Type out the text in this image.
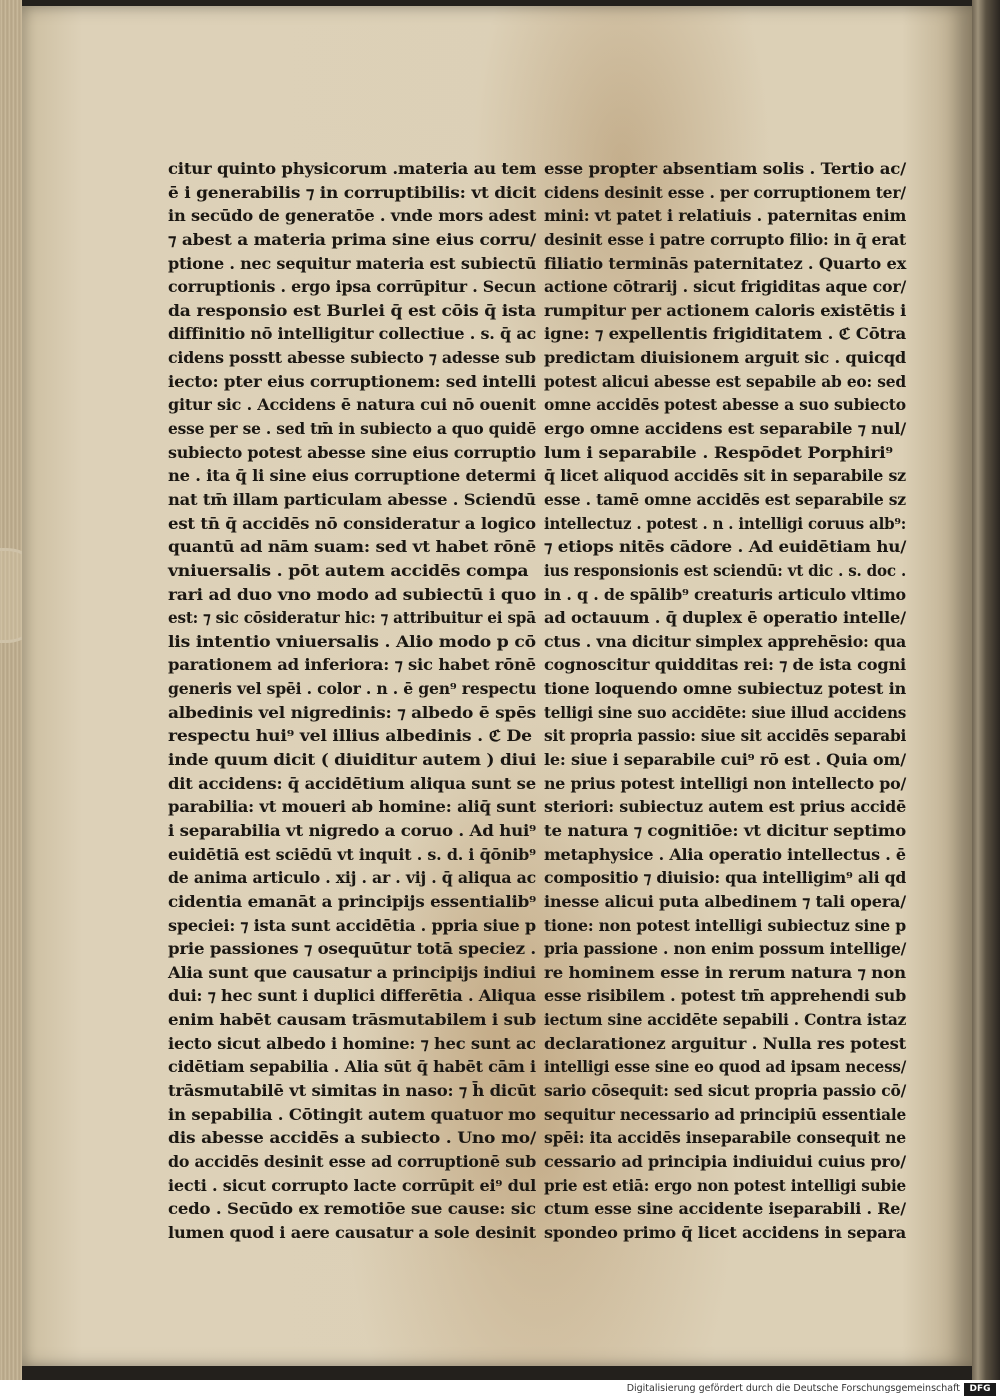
citur quinto physicorum .materia au tem
ē i generabilis ⁊ in corruptibilis: vt dicit
in secūdo de generatōe . vnde mors adest
⁊ abest a materia prima sine eius corru/
ptione . nec sequitur materia est subiectū
corruptionis . ergo ipsa corrūpitur . Secun
da responsio est Burlei q̄ est cōis q̄ ista
diffinitio nō intelligitur collectiue . s. q̄ ac
cidens posstt abesse subiecto ⁊ adesse sub
iecto: pter eius corruptionem: sed intelli
gitur sic . Accidens ē natura cui nō ouenit
esse per se . sed tm̄ in subiecto a quo quidē
subiecto potest abesse sine eius corruptio
ne . ita q̄ li sine eius corruptione determi
nat tm̄ illam particulam abesse . Sciendū
est tn̄ q̄ accidēs nō consideratur a logico
quantū ad nām suam: sed vt habet rōnē
vniuersalis . pōt autem accidēs compa
rari ad duo vno modo ad subiectū i quo
est: ⁊ sic cōsideratur hic: ⁊ attribuitur ei spā
lis intentio vniuersalis . Alio modo p cō
parationem ad inferiora: ⁊ sic habet rōnē
generis vel spēi . color . n . ē gen⁹ respectu
albedinis vel nigredinis: ⁊ albedo ē spēs
respectu hui⁹ vel illius albedinis . ℭ De
inde quum dicit ( diuiditur autem ) diui
dit accidens: q̄ accidētium aliqua sunt se
parabilia: vt moueri ab homine: aliq̄ sunt
i separabilia vt nigredo a coruo . Ad hui⁹
euidētiā est sciēdū vt inquit . s. d. i q̄ōnib⁹
de anima articulo . xij . ar . vij . q̄ aliqua ac
cidentia emanāt a principijs essentialib⁹
speciei: ⁊ ista sunt accidētia . ppria siue p
prie passiones ⁊ osequūtur totā speciez .
Alia sunt que causatur a principijs indiui
dui: ⁊ hec sunt i duplici differētia . Aliqua
enim habēt causam trāsmutabilem i sub
iecto sicut albedo i homine: ⁊ hec sunt ac
cidētiam sepabilia . Alia sūt q̄ habēt cām i
trāsmutabilē vt simitas in naso: ⁊ h̄ dicūt
in sepabilia . Cōtingit autem quatuor mo
dis abesse accidēs a subiecto . Uno mo/
do accidēs desinit esse ad corruptionē sub
iecti . sicut corrupto lacte corrūpit ei⁹ dul
cedo . Secūdo ex remotiōe sue cause: sic
lumen quod i aere causatur a sole desinit
esse propter absentiam solis . Tertio ac/
cidens desinit esse . per corruptionem ter/
mini: vt patet i relatiuis . paternitas enim
desinit esse i patre corrupto filio: in q̄ erat
filiatio terminās paternitatez . Quarto ex
actione cōtrarij . sicut frigiditas aque cor/
rumpitur per actionem caloris existētis i
igne: ⁊ expellentis frigiditatem . ℭ Cōtra
predictam diuisionem arguit sic . quicqd
potest alicui abesse est sepabile ab eo: sed
omne accidēs potest abesse a suo subiecto
ergo omne accidens est separabile ⁊ nul/
lum i separabile . Respōdet Porphiri⁹
q̄ licet aliquod accidēs sit in separabile sz
esse . tamē omne accidēs est separabile sz
intellectuz . potest . n . intelligi coruus alb⁹:
⁊ etiops nitēs cādore . Ad euidētiam hu/
ius responsionis est sciendū: vt dic . s. doc .
in . q . de spālib⁹ creaturis articulo vltimo
ad octauum . q̄ duplex ē operatio intelle/
ctus . vna dicitur simplex apprehēsio: qua
cognoscitur quidditas rei: ⁊ de ista cogni
tione loquendo omne subiectuz potest in
telligi sine suo accidēte: siue illud accidens
sit propria passio: siue sit accidēs separabi
le: siue i separabile cui⁹ rō est . Quia om/
ne prius potest intelligi non intellecto po/
steriori: subiectuz autem est prius accidē
te natura ⁊ cognitiōe: vt dicitur septimo
metaphysice . Alia operatio intellectus . ē
compositio ⁊ diuisio: qua intelligim⁹ ali qd
inesse alicui puta albedinem ⁊ tali opera/
tione: non potest intelligi subiectuz sine p
pria passione . non enim possum intellige/
re hominem esse in rerum natura ⁊ non
esse risibilem . potest tm̄ apprehendi sub
iectum sine accidēte sepabili . Contra istaz
declarationez arguitur . Nulla res potest
intelligi esse sine eo quod ad ipsam necess/
sario cōsequit: sed sicut propria passio cō/
sequitur necessario ad principiū essentiale
spēi: ita accidēs inseparabile consequit ne
cessario ad principia indiuidui cuius pro/
prie est etiā: ergo non potest intelligi subie
ctum esse sine accidente iseparabili . Re/
spondeo primo q̄ licet accidens in separa
Digitalisierung gefördert durch die Deutsche Forschungsgemeinschaft	DFG
